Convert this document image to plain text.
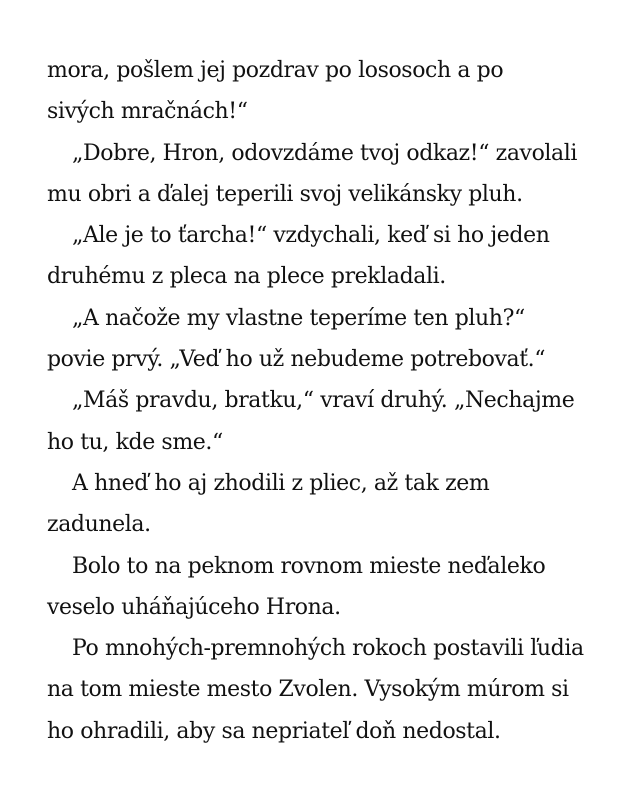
mora, pošlem jej pozdrav po lososoch a po
sivých mračnách!“
„Dobre, Hron, odovzdáme tvoj odkaz!“ zavolali
mu obri a ďalej teperili svoj velikánsky pluh.
„Ale je to ťarcha!“ vzdychali, keď si ho jeden
druhému z pleca na plece prekladali.
„A načože my vlastne teperíme ten pluh?“
povie prvý. „Veď ho už nebudeme potrebovať.“
„Máš pravdu, bratku,“ vraví druhý. „Nechajme
ho tu, kde sme.“
A hneď ho aj zhodili z pliec, až tak zem
zadunela.
Bolo to na peknom rovnom mieste neďaleko
veselo uháňajúceho Hrona.
Po mnohých-premnohých rokoch postavili ľudia
na tom mieste mesto Zvolen. Vysokým múrom si
ho ohradili, aby sa nepriateľ doň nedostal.
